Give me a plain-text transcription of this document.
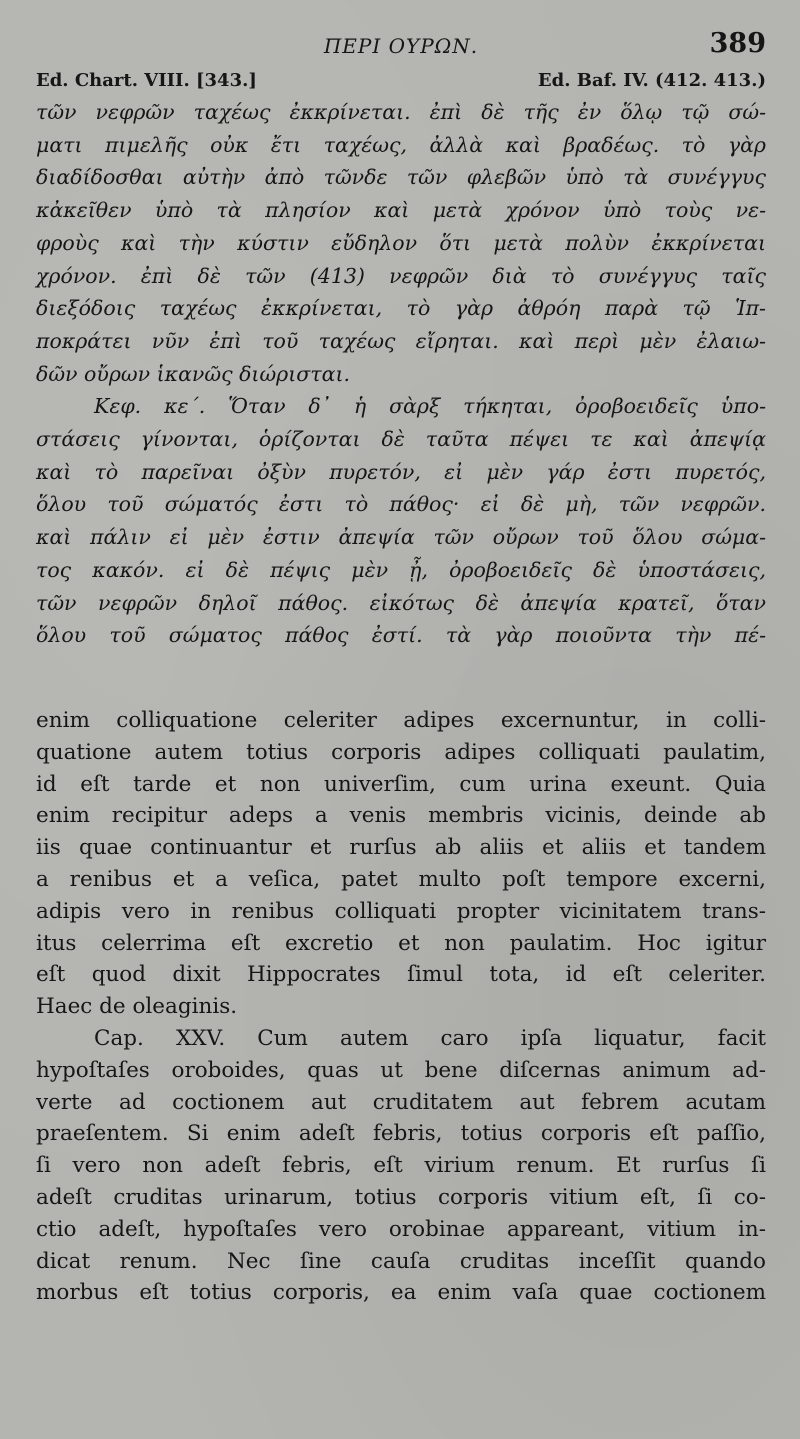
ΠΕΡΙ ΟΥΡΩΝ.	389
Ed. Chart. VIII. [343.]	Ed. Baf. IV. (412. 413.)
τῶν νεφρῶν ταχέως ἐκκρίνεται. ἐπὶ δὲ τῆς ἐν ὅλῳ τῷ σώ-
ματι πιμελῆς οὐκ ἔτι ταχέως, ἀλλὰ καὶ βραδέως. τὸ γὰρ
διαδίδοσθαι αὐτὴν ἀπὸ τῶνδε τῶν φλεβῶν ὑπὸ τὰ συνέγγυς
κἀκεῖθεν ὑπὸ τὰ πλησίον καὶ μετὰ χρόνον ὑπὸ τοὺς νε-
φροὺς καὶ τὴν κύστιν εὔδηλον ὅτι μετὰ πολὺν ἐκκρίνεται
χρόνον. ἐπὶ δὲ τῶν (413) νεφρῶν διὰ τὸ συνέγγυς ταῖς
διεξόδοις ταχέως ἐκκρίνεται, τὸ γὰρ ἀθρόη παρὰ τῷ Ἱπ-
ποκράτει νῦν ἐπὶ τοῦ ταχέως εἴρηται. καὶ περὶ μὲν ἐλαιω-
δῶν οὔρων ἱκανῶς διώρισται.
Κεφ. κε΄. Ὅταν δ᾽ ἡ σὰρξ τήκηται, ὀροβοειδεῖς ὑπο-
στάσεις γίνονται, ὁρίζονται δὲ ταῦτα πέψει τε καὶ ἀπεψίᾳ
καὶ τὸ παρεῖναι ὀξὺν πυρετόν, εἰ μὲν γάρ ἐστι πυρετός,
ὅλου τοῦ σώματός ἐστι τὸ πάθος· εἰ δὲ μὴ, τῶν νεφρῶν.
καὶ πάλιν εἰ μὲν ἐστιν ἀπεψία τῶν οὔρων τοῦ ὅλου σώμα-
τος κακόν. εἰ δὲ πέψις μὲν ᾖ, ὀροβοειδεῖς δὲ ὑποστάσεις,
τῶν νεφρῶν δηλοῖ πάθος. εἰκότως δὲ ἀπεψία κρατεῖ, ὅταν
ὅλου τοῦ σώματος πάθος ἐστί. τὰ γὰρ ποιοῦντα τὴν πέ-
enim colliquatione celeriter adipes excernuntur, in colli-
quatione autem totius corporis adipes colliquati paulatim,
id eſt tarde et non univerſim, cum urina exeunt. Quia
enim recipitur adeps a venis membris vicinis, deinde ab
iis quae continuantur et rurſus ab aliis et aliis et tandem
a renibus et a veſica, patet multo poſt tempore excerni,
adipis vero in renibus colliquati propter vicinitatem trans-
itus celerrima eſt excretio et non paulatim. Hoc igitur
eſt quod dixit Hippocrates ſimul tota, id eſt celeriter.
Haec de oleaginis.
Cap. XXV. Cum autem caro ipſa liquatur, facit
hypoſtaſes oroboides, quas ut bene diſcernas animum ad-
verte ad coctionem aut cruditatem aut febrem acutam
praeſentem. Si enim adeſt febris, totius corporis eſt paſſio,
ſi vero non adeſt febris, eſt virium renum. Et rurſus ſi
adeſt cruditas urinarum, totius corporis vitium eſt, ſi co-
ctio adeſt, hypoſtaſes vero orobinae appareant, vitium in-
dicat renum. Nec ſine cauſa cruditas inceſſit quando
morbus eſt totius corporis, ea enim vaſa quae coctionem
